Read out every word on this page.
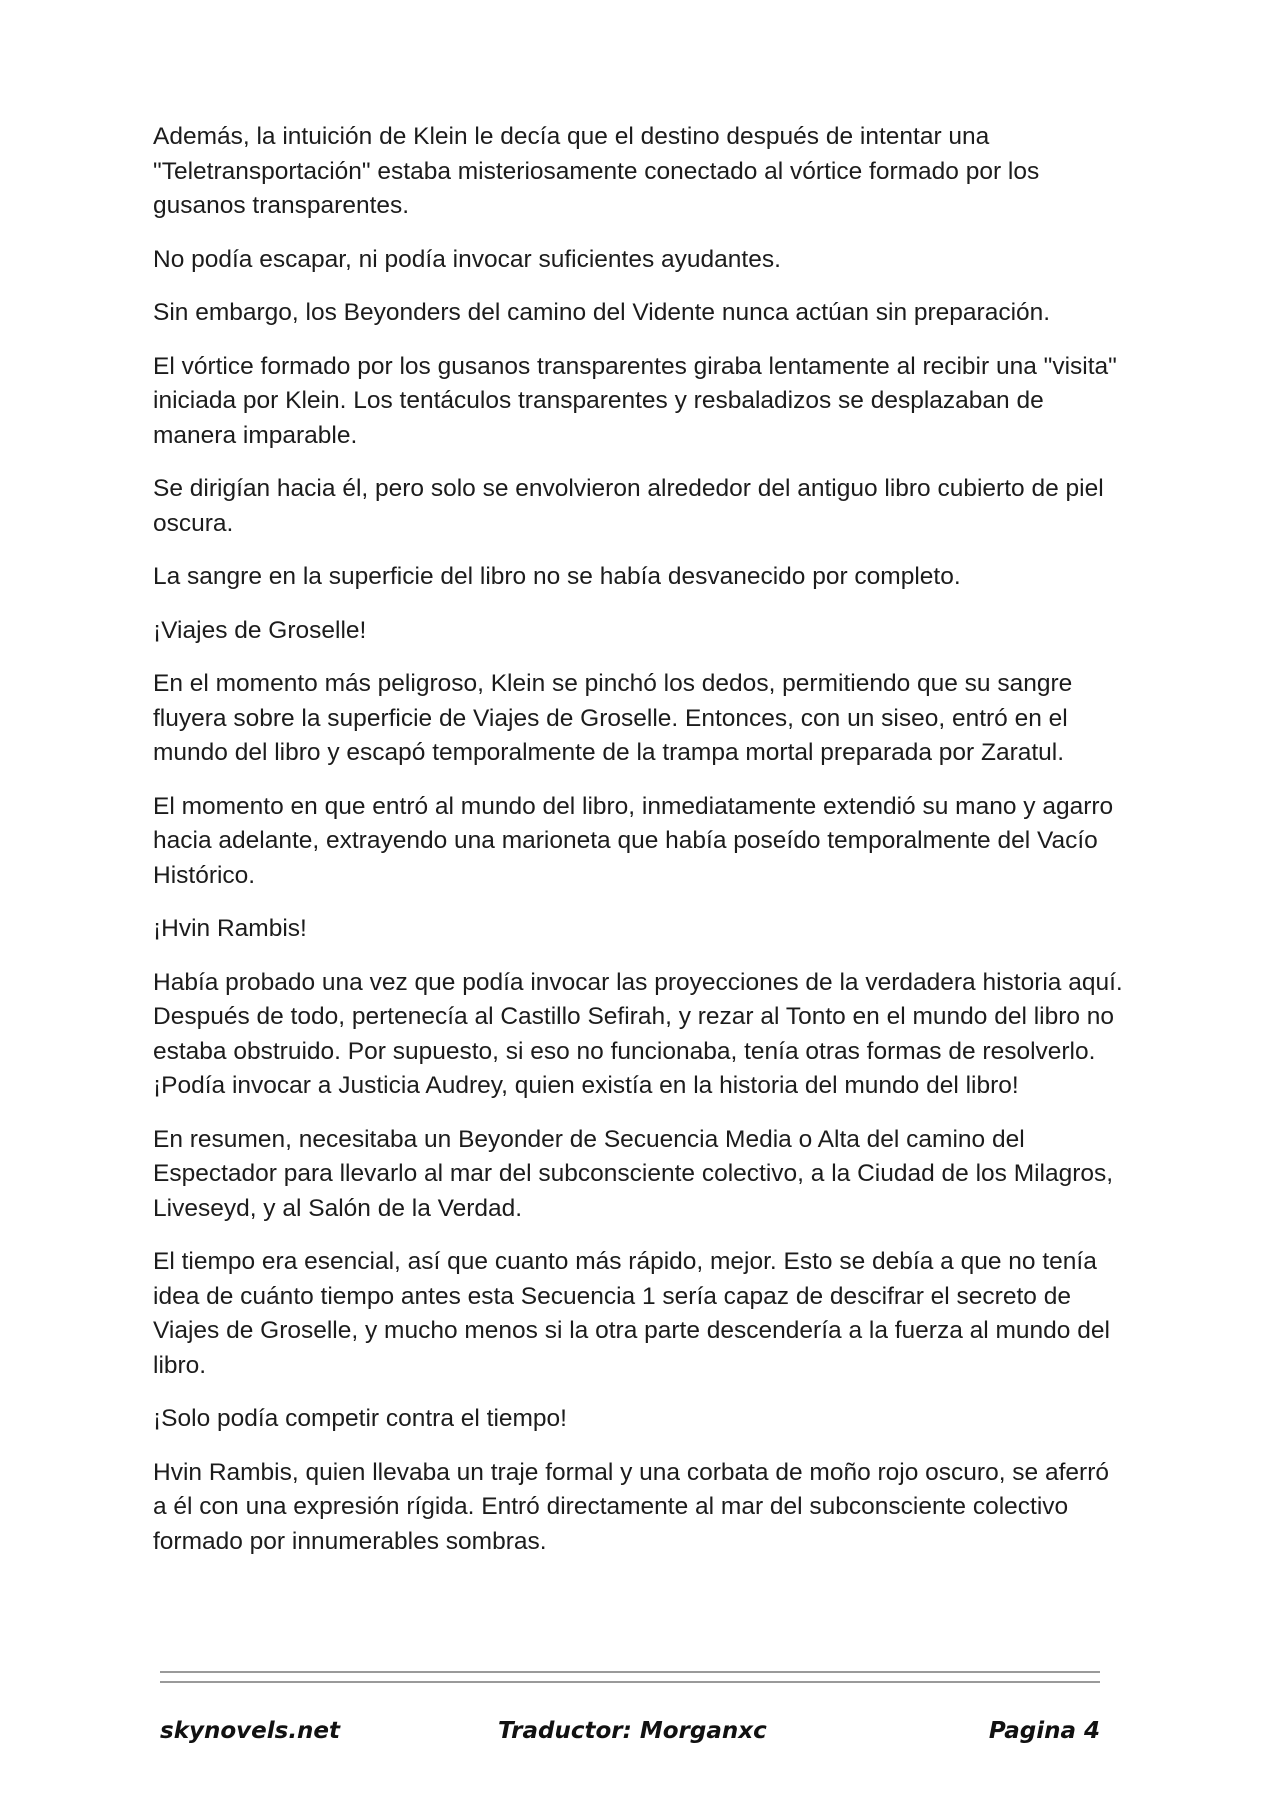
Además, la intuición de Klein le decía que el destino después de intentar una "Teletransportación" estaba misteriosamente conectado al vórtice formado por los gusanos transparentes.

No podía escapar, ni podía invocar suficientes ayudantes.

Sin embargo, los Beyonders del camino del Vidente nunca actúan sin preparación.

El vórtice formado por los gusanos transparentes giraba lentamente al recibir una "visita" iniciada por Klein. Los tentáculos transparentes y resbaladizos se desplazaban de manera imparable.

Se dirigían hacia él, pero solo se envolvieron alrededor del antiguo libro cubierto de piel oscura.

La sangre en la superficie del libro no se había desvanecido por completo.

¡Viajes de Groselle!

En el momento más peligroso, Klein se pinchó los dedos, permitiendo que su sangre fluyera sobre la superficie de Viajes de Groselle. Entonces, con un siseo, entró en el mundo del libro y escapó temporalmente de la trampa mortal preparada por Zaratul.

El momento en que entró al mundo del libro, inmediatamente extendió su mano y agarro hacia adelante, extrayendo una marioneta que había poseído temporalmente del Vacío Histórico.

¡Hvin Rambis!

Había probado una vez que podía invocar las proyecciones de la verdadera historia aquí. Después de todo, pertenecía al Castillo Sefirah, y rezar al Tonto en el mundo del libro no estaba obstruido. Por supuesto, si eso no funcionaba, tenía otras formas de resolverlo. ¡Podía invocar a Justicia Audrey, quien existía en la historia del mundo del libro!

En resumen, necesitaba un Beyonder de Secuencia Media o Alta del camino del Espectador para llevarlo al mar del subconsciente colectivo, a la Ciudad de los Milagros, Liveseyd, y al Salón de la Verdad.

El tiempo era esencial, así que cuanto más rápido, mejor. Esto se debía a que no tenía idea de cuánto tiempo antes esta Secuencia 1 sería capaz de descifrar el secreto de Viajes de Groselle, y mucho menos si la otra parte descendería a la fuerza al mundo del libro.

¡Solo podía competir contra el tiempo!

Hvin Rambis, quien llevaba un traje formal y una corbata de moño rojo oscuro, se aferró a él con una expresión rígida. Entró directamente al mar del subconsciente colectivo formado por innumerables sombras.

skynovels.net	Traductor: Morganxc	Pagina 4
